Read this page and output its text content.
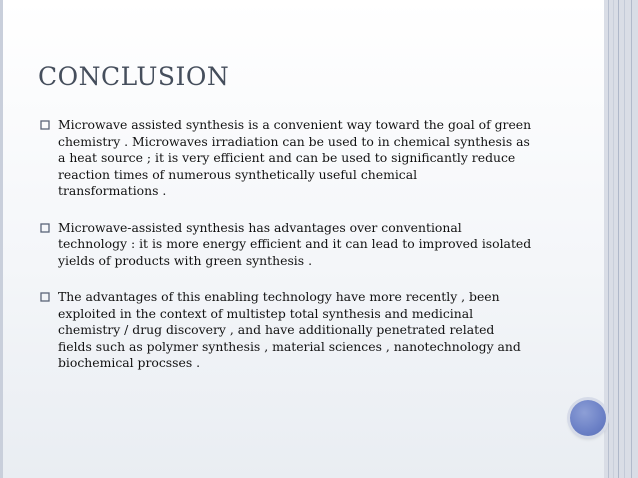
CONCLUSION
Microwave assisted synthesis is a convenient way toward the goal of green
chemistry . Microwaves irradiation can be used to in chemical synthesis as
a heat source ; it is very efficient and can be used to significantly reduce
reaction times of numerous synthetically useful chemical
transformations .
Microwave-assisted synthesis has advantages over conventional
technology : it is more energy efficient and it can lead to improved isolated
yields of products with green synthesis .
The advantages of this enabling technology have more recently , been
exploited in the context of multistep total synthesis and medicinal
chemistry / drug discovery , and have additionally penetrated related
fields such as polymer synthesis , material sciences , nanotechnology and
biochemical procsses .
